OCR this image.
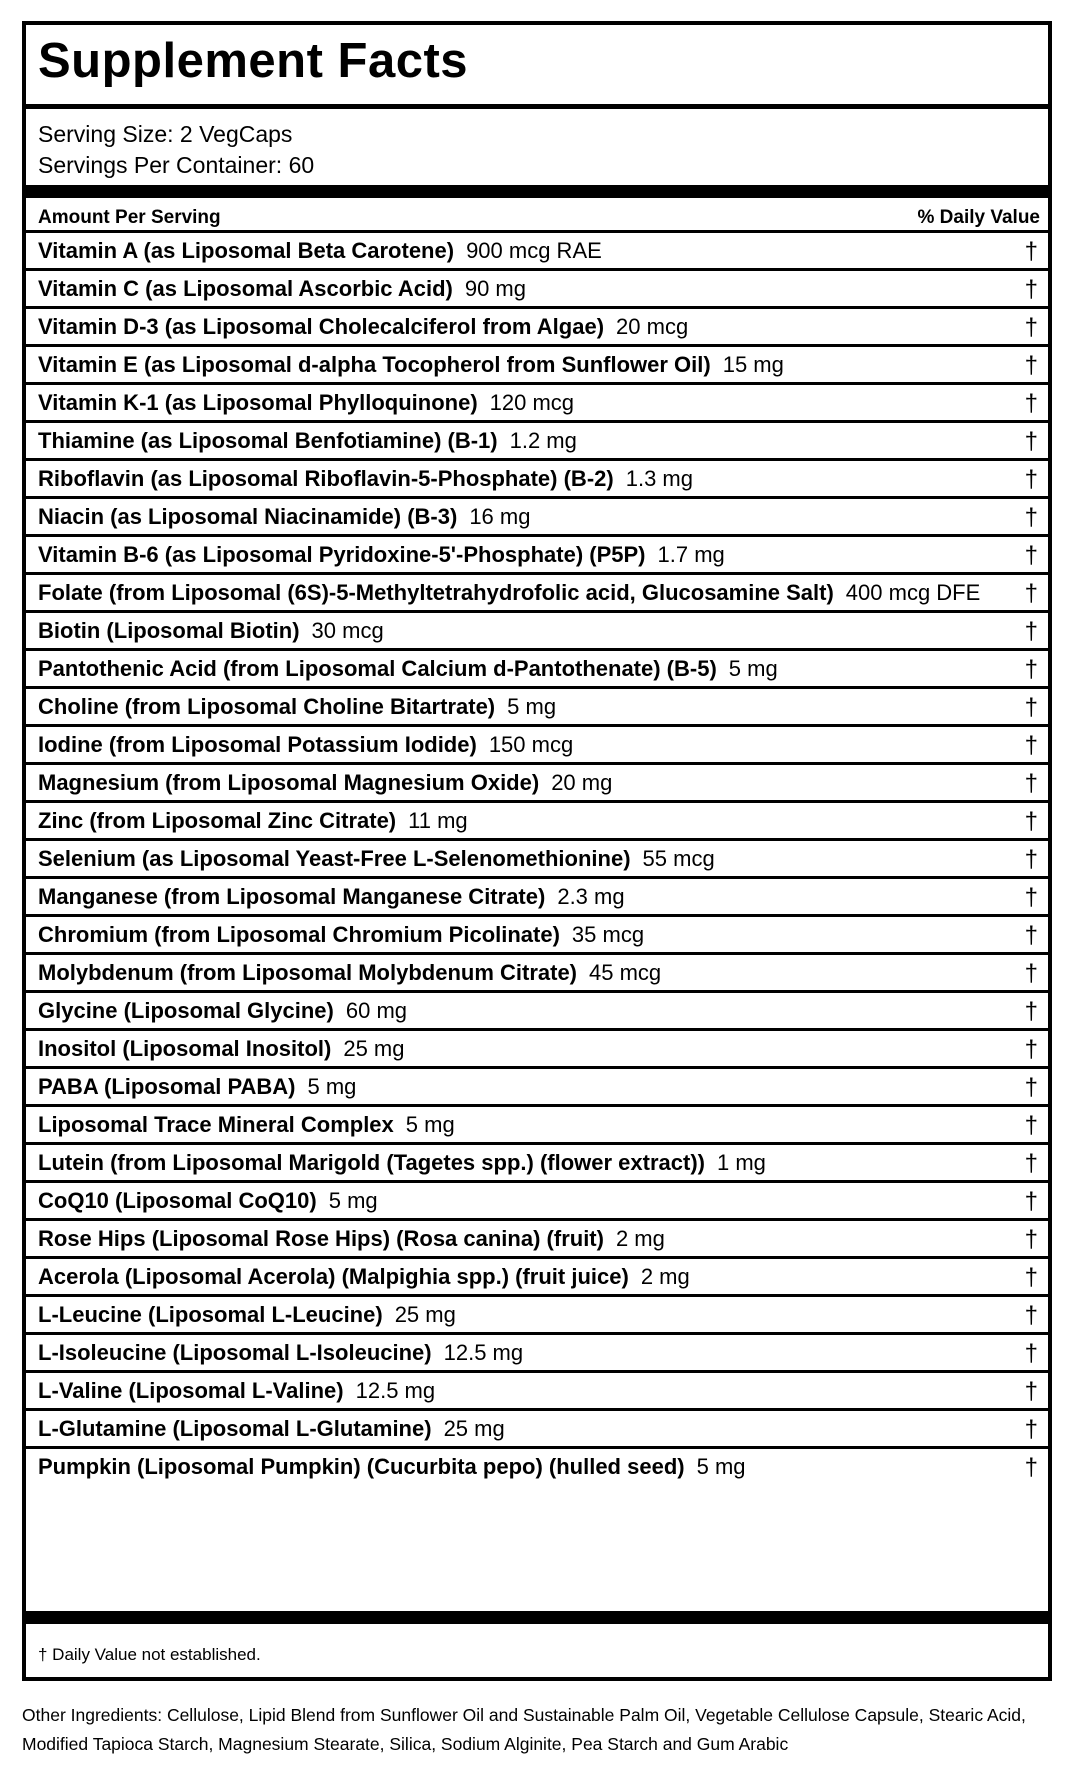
Supplement Facts
Serving Size: 2 VegCaps
Servings Per Container: 60
Amount Per Serving	% Daily Value
Vitamin A (as Liposomal Beta Carotene) 900 mcg RAE	†
Vitamin C (as Liposomal Ascorbic Acid) 90 mg	†
Vitamin D-3 (as Liposomal Cholecalciferol from Algae) 20 mcg	†
Vitamin E (as Liposomal d-alpha Tocopherol from Sunflower Oil) 15 mg	†
Vitamin K-1 (as Liposomal Phylloquinone) 120 mcg	†
Thiamine (as Liposomal Benfotiamine) (B-1) 1.2 mg	†
Riboflavin (as Liposomal Riboflavin-5-Phosphate) (B-2) 1.3 mg	†
Niacin (as Liposomal Niacinamide) (B-3) 16 mg	†
Vitamin B-6 (as Liposomal Pyridoxine-5'-Phosphate) (P5P) 1.7 mg	†
Folate (from Liposomal (6S)-5-Methyltetrahydrofolic acid, Glucosamine Salt) 400 mcg DFE †
Biotin (Liposomal Biotin) 30 mcg	†
Pantothenic Acid (from Liposomal Calcium d-Pantothenate) (B-5) 5 mg	†
Choline (from Liposomal Choline Bitartrate) 5 mg	†
Iodine (from Liposomal Potassium Iodide) 150 mcg	†
Magnesium (from Liposomal Magnesium Oxide) 20 mg	†
Zinc (from Liposomal Zinc Citrate) 11 mg	†
Selenium (as Liposomal Yeast-Free L-Selenomethionine) 55 mcg	†
Manganese (from Liposomal Manganese Citrate) 2.3 mg	†
Chromium (from Liposomal Chromium Picolinate) 35 mcg	†
Molybdenum (from Liposomal Molybdenum Citrate) 45 mcg	†
Glycine (Liposomal Glycine) 60 mg	†
Inositol (Liposomal Inositol) 25 mg	†
PABA (Liposomal PABA) 5 mg	†
Liposomal Trace Mineral Complex 5 mg	†
Lutein (from Liposomal Marigold (Tagetes spp.) (flower extract)) 1 mg	†
CoQ10 (Liposomal CoQ10) 5 mg	†
Rose Hips (Liposomal Rose Hips) (Rosa canina) (fruit) 2 mg	†
Acerola (Liposomal Acerola) (Malpighia spp.) (fruit juice) 2 mg	†
L-Leucine (Liposomal L-Leucine) 25 mg	†
L-Isoleucine (Liposomal L-Isoleucine) 12.5 mg	†
L-Valine (Liposomal L-Valine) 12.5 mg	†
L-Glutamine (Liposomal L-Glutamine) 25 mg	†
Pumpkin (Liposomal Pumpkin) (Cucurbita pepo) (hulled seed) 5 mg	†
† Daily Value not established.
Other Ingredients: Cellulose, Lipid Blend from Sunflower Oil and Sustainable Palm Oil, Vegetable Cellulose Capsule, Stearic Acid, Modified Tapioca Starch, Magnesium Stearate, Silica, Sodium Alginite, Pea Starch and Gum Arabic
